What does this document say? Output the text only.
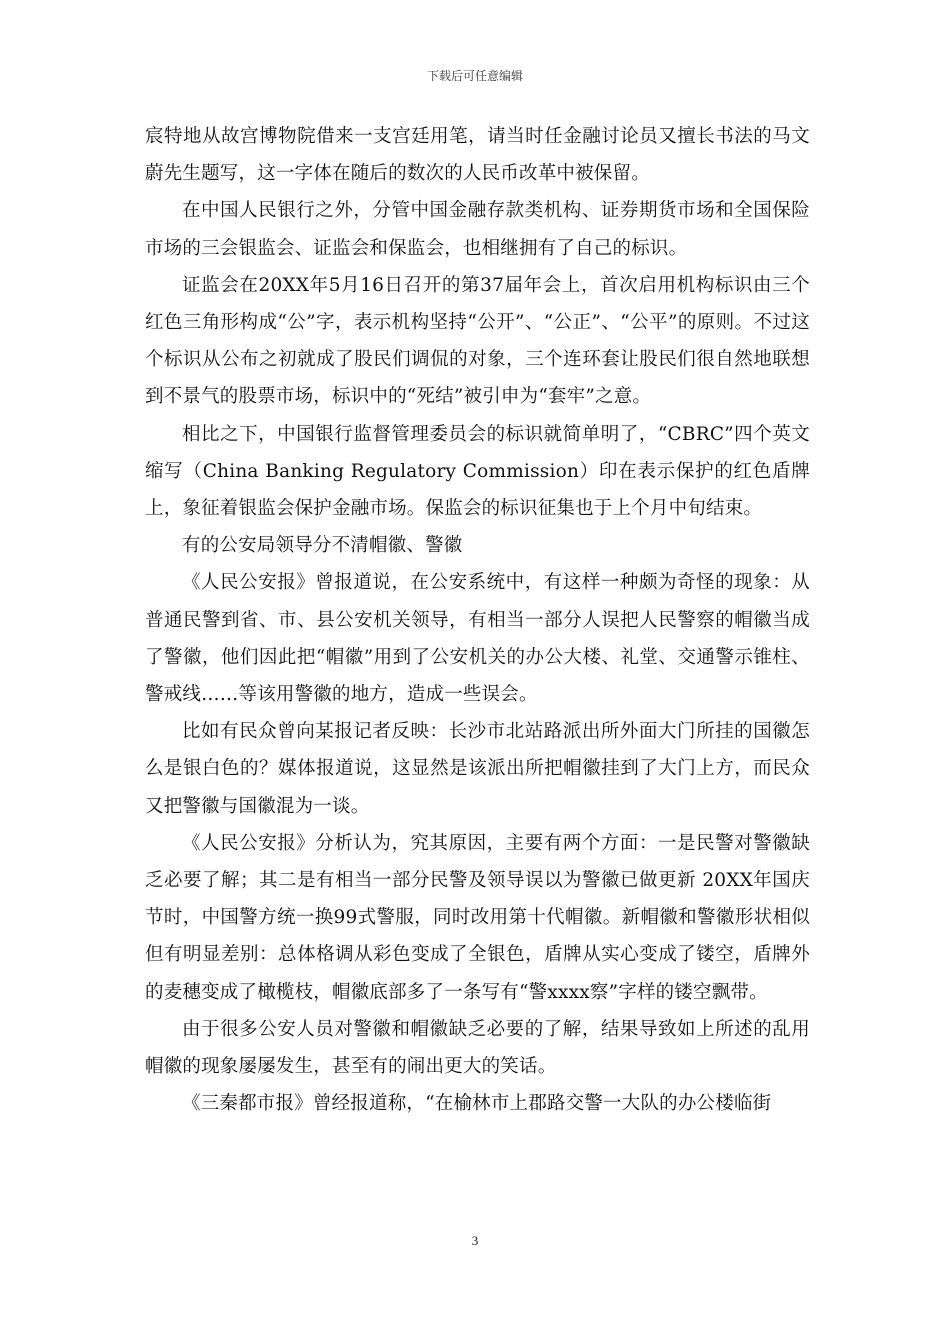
下载后可任意编辑

宸特地从故宫博物院借来一支宫廷用笔，请当时任金融讨论员又擅长书法的马文蔚先生题写，这一字体在随后的数次的人民币改革中被保留。

在中国人民银行之外，分管中国金融存款类机构、证券期货市场和全国保险市场的三会银监会、证监会和保监会，也相继拥有了自己的标识。

证监会在20XX年5月16日召开的第37届年会上，首次启用机构标识由三个红色三角形构成“公”字，表示机构坚持“公开”、“公正”、“公平”的原则。不过这个标识从公布之初就成了股民们调侃的对象，三个连环套让股民们很自然地联想到不景气的股票市场，标识中的“死结”被引申为“套牢”之意。

相比之下，中国银行监督管理委员会的标识就简单明了，“CBRC”四个英文缩写（China Banking Regulatory Commission）印在表示保护的红色盾牌上，象征着银监会保护金融市场。保监会的标识征集也于上个月中旬结束。

有的公安局领导分不清帽徽、警徽

《人民公安报》曾报道说，在公安系统中，有这样一种颇为奇怪的现象：从普通民警到省、市、县公安机关领导，有相当一部分人误把人民警察的帽徽当成了警徽，他们因此把“帽徽”用到了公安机关的办公大楼、礼堂、交通警示锥柱、警戒线……等该用警徽的地方，造成一些误会。

比如有民众曾向某报记者反映：长沙市北站路派出所外面大门所挂的国徽怎么是银白色的？媒体报道说，这显然是该派出所把帽徽挂到了大门上方，而民众又把警徽与国徽混为一谈。

《人民公安报》分析认为，究其原因，主要有两个方面：一是民警对警徽缺乏必要了解；其二是有相当一部分民警及领导误以为警徽已做更新 20XX年国庆节时，中国警方统一换99式警服，同时改用第十代帽徽。新帽徽和警徽形状相似但有明显差别：总体格调从彩色变成了全银色，盾牌从实心变成了镂空，盾牌外的麦穗变成了橄榄枝，帽徽底部多了一条写有“警xxxx察”字样的镂空飘带。

由于很多公安人员对警徽和帽徽缺乏必要的了解，结果导致如上所述的乱用帽徽的现象屡屡发生，甚至有的闹出更大的笑话。

《三秦都市报》曾经报道称，“在榆林市上郡路交警一大队的办公楼临街

3
